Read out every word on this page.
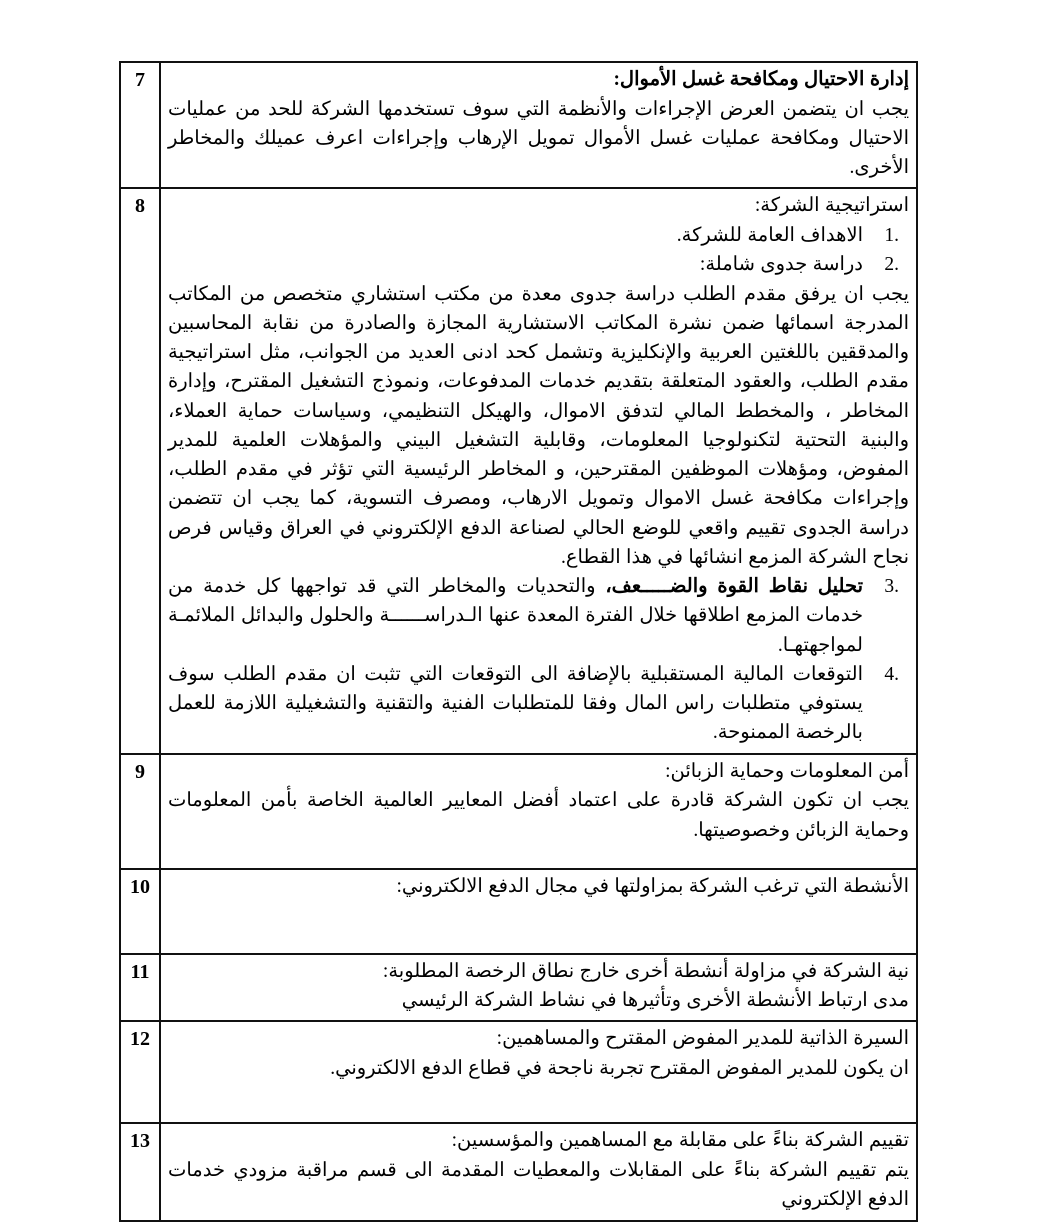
إدارة الاحتيال ومكافحة غسل الأموال:
يجب ان يتضمن العرض الإجراءات والأنظمة التي سوف تستخدمها الشركة للحد من عمليات الاحتيال ومكافحة عمليات غسل الأموال تمويل الإرهاب وإجراءات اعرف عميلك والمخاطر الأخرى.	7

استراتيجية الشركة:
1.
الاهداف العامة للشركة.
2.
دراسة جدوى شاملة:
يجب ان يرفق مقدم الطلب دراسة جدوى معدة من مكتب استشاري متخصص من المكاتب المدرجة اسمائها ضمن نشرة المكاتب الاستشارية المجازة والصادرة من نقابة المحاسبين والمدققين باللغتين العربية والإنكليزية وتشمل كحد ادنى العديد من الجوانب، مثل استراتيجية مقدم الطلب، والعقود المتعلقة بتقديم خدمات المدفوعات، ونموذج التشغيل المقترح، وإدارة المخاطر ، والمخطط المالي لتدفق الاموال، والهيكل التنظيمي، وسياسات حماية العملاء، والبنية التحتية لتكنولوجيا المعلومات، وقابلية التشغيل البيني والمؤهلات العلمية للمدير المفوض، ومؤهلات الموظفين المقترحين، و المخاطر الرئيسية التي تؤثر في مقدم الطلب، وإجراءات مكافحة غسل الاموال وتمويل الارهاب، ومصرف التسوية، كما يجب ان تتضمن دراسة الجدوى تقييم واقعي للوضع الحالي لصناعة الدفع الإلكتروني في العراق وقياس فرص نجاح الشركة المزمع انشائها في هذا القطاع.
3.
تحليل نقاط القوة والضـــــعف، والتحديات والمخاطر التي قد تواجهها كل خدمة من خدمات المزمع اطلاقها خلال الفترة المعدة عنها الـدراســــــة والحلول والبدائل الملائمـة لمواجهتهـا.
4.
التوقعات المالية المستقبلية بالإضافة الى التوقعات التي تثبت ان مقدم الطلب سوف يستوفي متطلبات راس المال وفقا للمتطلبات الفنية والتقنية والتشغيلية اللازمة للعمل بالرخصة الممنوحة.
	8

أمن المعلومات وحماية الزبائن:
يجب ان تكون الشركة قادرة على اعتماد أفضل المعايير العالمية الخاصة بأمن المعلومات وحماية الزبائن وخصوصيتها.	9

الأنشطة التي ترغب الشركة بمزاولتها في مجال الدفع الالكتروني:	10

نية الشركة في مزاولة أنشطة أخرى خارج نطاق الرخصة المطلوبة:
مدى ارتباط الأنشطة الأخرى وتأثيرها في نشاط الشركة الرئيسي	11

السيرة الذاتية للمدير المفوض المقترح والمساهمين:
ان يكون للمدير المفوض المقترح تجربة ناجحة في قطاع الدفع الالكتروني.	12

تقييم الشركة بناءً على مقابلة مع المساهمين والمؤسسين:
يتم تقييم الشركة بناءً على المقابلات والمعطيات المقدمة الى قسم مراقبة مزودي خدمات الدفع الإلكتروني	13
